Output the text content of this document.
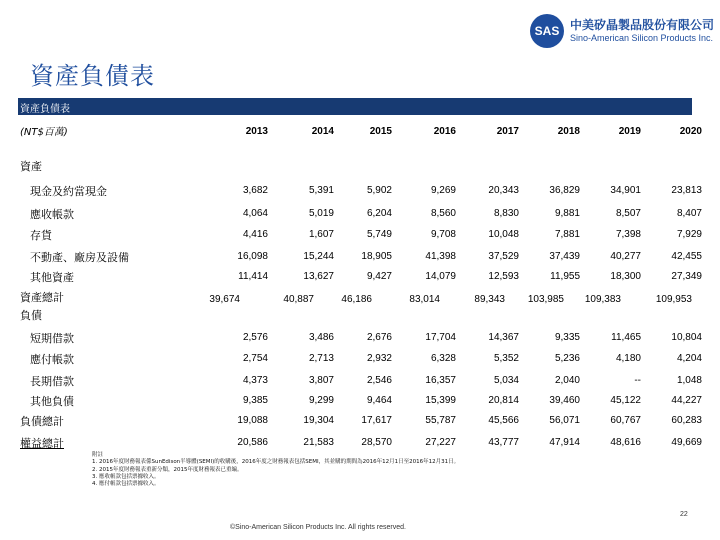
SAS 中美矽晶製品股份有限公司
Sino-American Silicon Products Inc.
資產負債表
資產負債表
(NT$百萬)	2013	2014	2015	2016	2017	2018	2019	2020
資產
負債
現金及約當現金	3,682	5,391	5,902	9,269	20,343	36,829	34,901	23,813
應收帳款	4,064	5,019	6,204	8,560	8,830	9,881	8,507	8,407
存貨	4,416	1,607	5,749	9,708	10,048	7,881	7,398	7,929
不動產、廠房及設備	16,098	15,244	18,905	41,398	37,529	37,439	40,277	42,455
其他資產	11,414	13,627	9,427	14,079	12,593	11,955	18,300	27,349
資產總計	39,674	40,887	46,186	83,014	89,343	103,985	109,383	109,953
短期借款	2,576	3,486	2,676	17,704	14,367	9,335	11,465	10,804
應付帳款	2,754	2,713	2,932	6,328	5,352	5,236	4,180	4,204
長期借款	4,373	3,807	2,546	16,357	5,034	2,040	--	1,048
其他負債	9,385	9,299	9,464	15,399	20,814	39,460	45,122	44,227
負債總計	19,088	19,304	17,617	55,787	45,566	56,071	60,767	60,283
權益總計	20,586	21,583	28,570	27,227	43,777	47,914	48,616	49,669
附註
1. 2016年度財務報表係SunEdison半導體(SEMI)的收購後，2016年度之財務報表包括SEMI，其並購的期間為2016年12月1日至2016年12月31日。
2. 2015年度財務報表重新分類，2015年度財務報表已重編。
3. 應收帳款包括票據收入。
4. 應付帳款包括票據收入。
22
©Sino-American Silicon Products Inc. All rights reserved.
